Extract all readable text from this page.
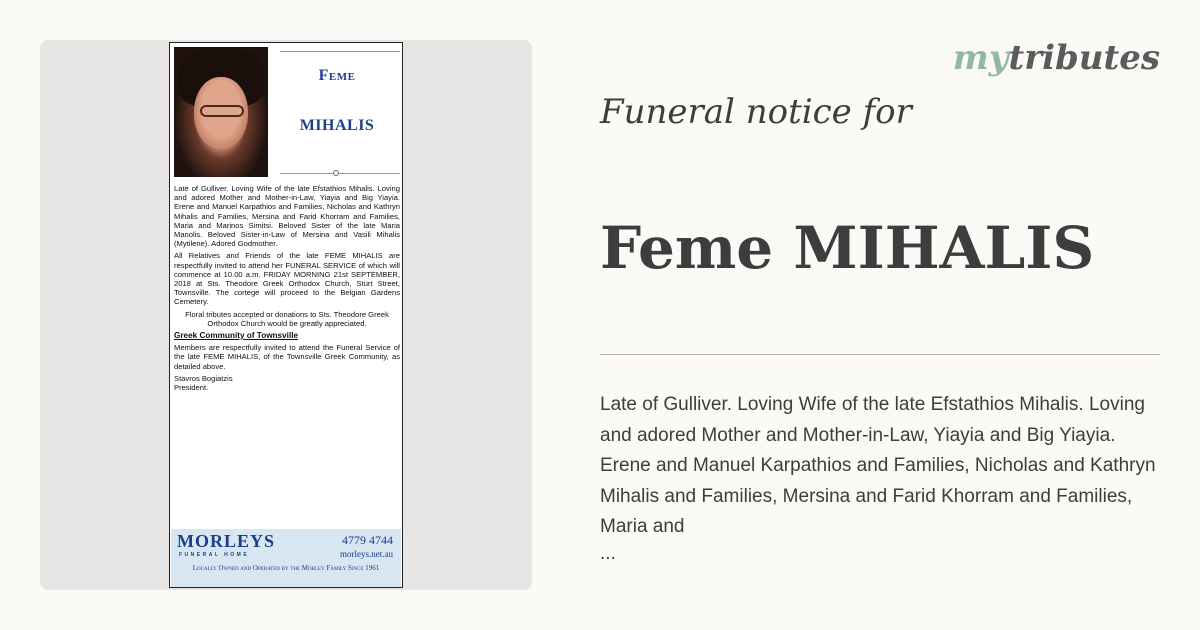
Feme
MIHALIS

Late of Gulliver. Loving Wife of the late Efstathios Mihalis. Loving and adored Mother and Mother-in-Law, Yiayia and Big Yiayia. Erene and Manuel Karpathios and Families, Nicholas and Kathryn Mihalis and Families, Mersina and Farid Khorram and Families, Maria and Marinos Simitsi. Beloved Sister of the late Maria Manolis. Beloved Sister-in-Law of Mersina and Vasili Mihalis (Mytilene). Adored Godmother.

All Relatives and Friends of the late FEME MIHALIS are respectfully invited to attend her FUNERAL SERVICE of which will commence at 10.00 a.m. FRIDAY MORNING 21st SEPTEMBER, 2018 at Sts. Theodore Greek Orthodox Church, Sturt Street, Townsville. The cortege will proceed to the Belgian Gardens Cemetery.

Floral tributes accepted or donations to Sts. Theodore Greek Orthodox Church would be greatly appreciated.

Greek Community of Townsville

Members are respectfully invited to attend the Funeral Service of the late FEME MIHALIS, of the Townsville Greek Community, as detailed above.

Stavros Bogiatzis

President.

MORLEYS
FUNERAL HOME
4779 4744
morleys.net.au
Locally Owned and Operated by the Morley Family Since 1961
mytributes
Funeral notice for
Feme MIHALIS
Late of Gulliver. Loving Wife of the late Efstathios Mihalis. Loving and adored Mother and Mother-in-Law, Yiayia and Big Yiayia. Erene and Manuel Karpathios and Families, Nicholas and Kathryn Mihalis and Families, Mersina and Farid Khorram and Families, Maria and
...
